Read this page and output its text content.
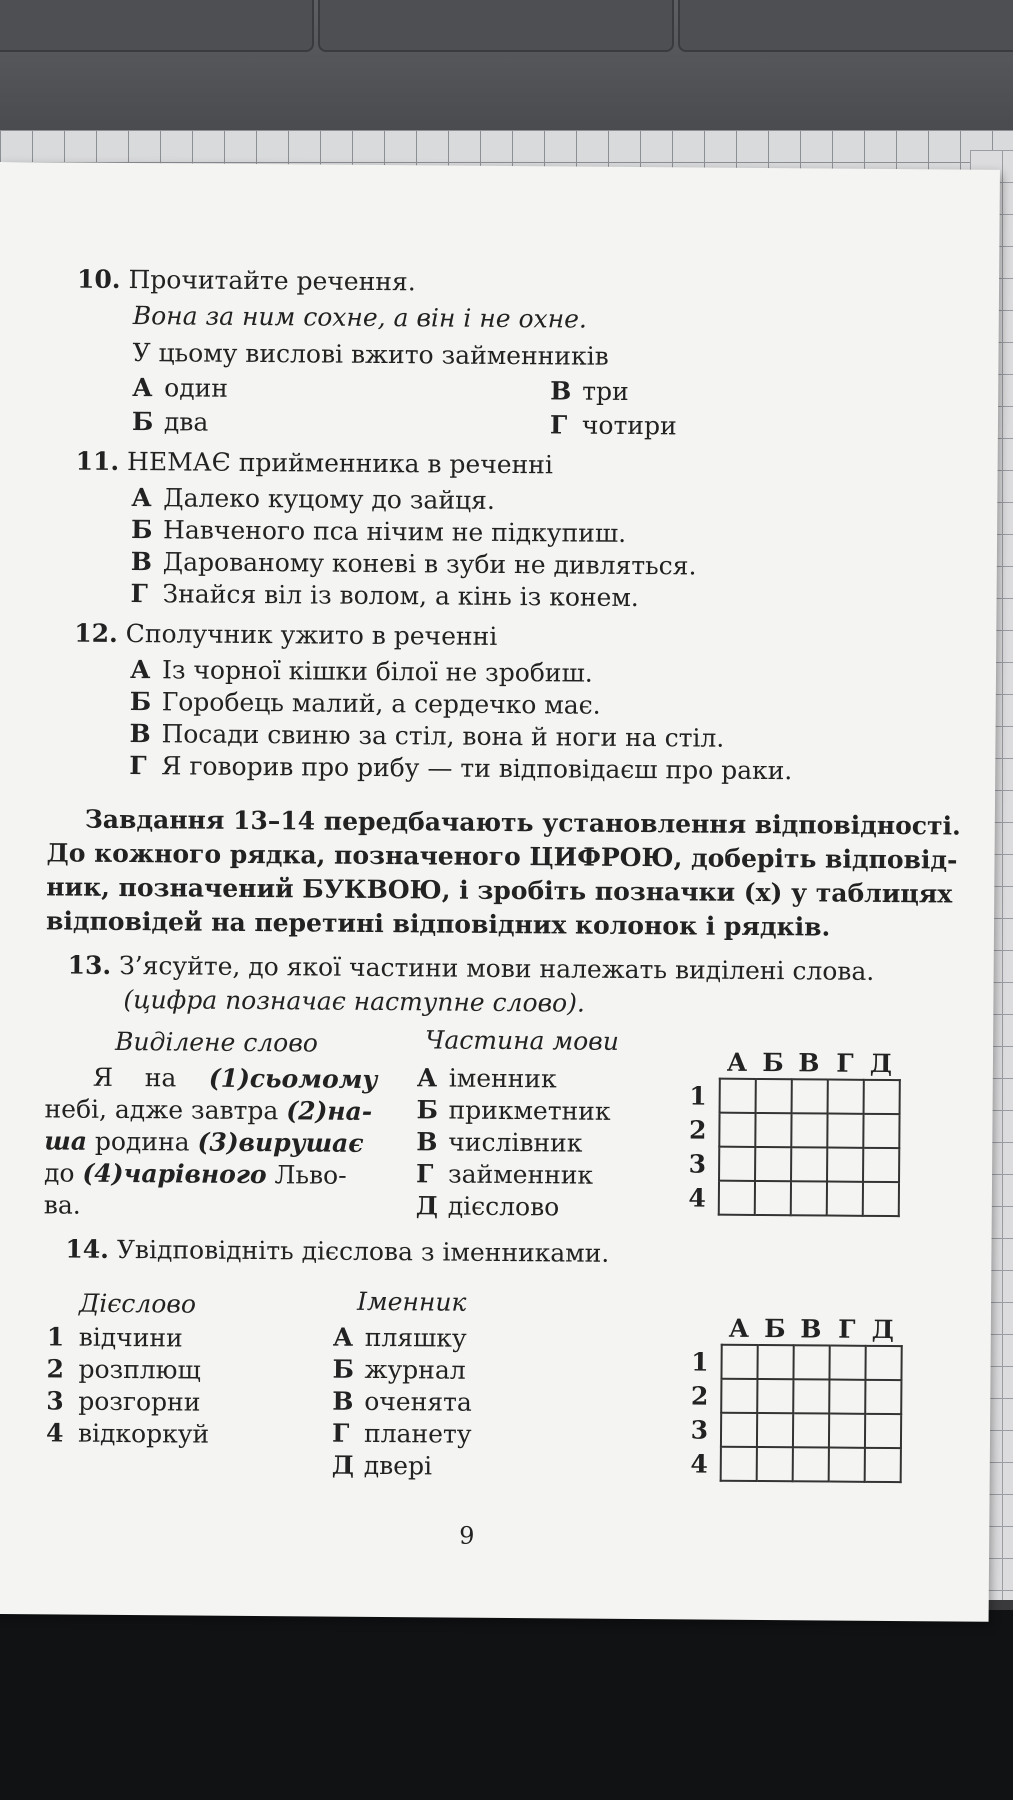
10. Прочитайте речення.
Вона за ним сохне, а він і не охне.
У цьому висловi вжито займенників
А один
Б два
В три
Г чотири
11. НЕМАЄ прийменника в реченні
А Далеко куцому до зайця.
Б Навченого пса нічим не підкупиш.
В Дарованому коневі в зуби не дивляться.
Г Знайся віл із волом, а кінь із конем.
12. Сполучник ужито в реченні
А Із чорної кішки білої не зробиш.
Б Горобець малий, а сердечко має.
В Посади свиню за стіл, вона й ноги на стіл.
Г Я говорив про рибу — ти відповідаєш про раки.
Завдання 13–14 передбачають установлення відповідності.
До кожного рядка, позначеного ЦИФРОЮ, доберіть відповід-
ник, позначений БУКВОЮ, і зробіть позначки (х) у таблицях
відповідей на перетині відповідних колонок і рядків.
13. З’ясуйте, до якої частини мови належать виділені слова.
(цифра позначає наступне слово).
Виділене слово	Частина мови
Я на (1)сьомому
небі, адже завтра (2)на-
ша родина (3)вирушає
до (4)чарівного Льво-
ва.
А іменник
Б прикметник
В числівник
Г займенник
Д дієслово
А Б В Г Д
1
2
3
4

14. Увідповідніть дієслова з іменниками.
Дієслово	Іменник
1 відчини
2 розплющ
3 розгорни
4 відкоркуй
А пляшку
Б журнал
В оченята
Г планету
Д двері
А Б В Г Д
1
2
3
4

9
